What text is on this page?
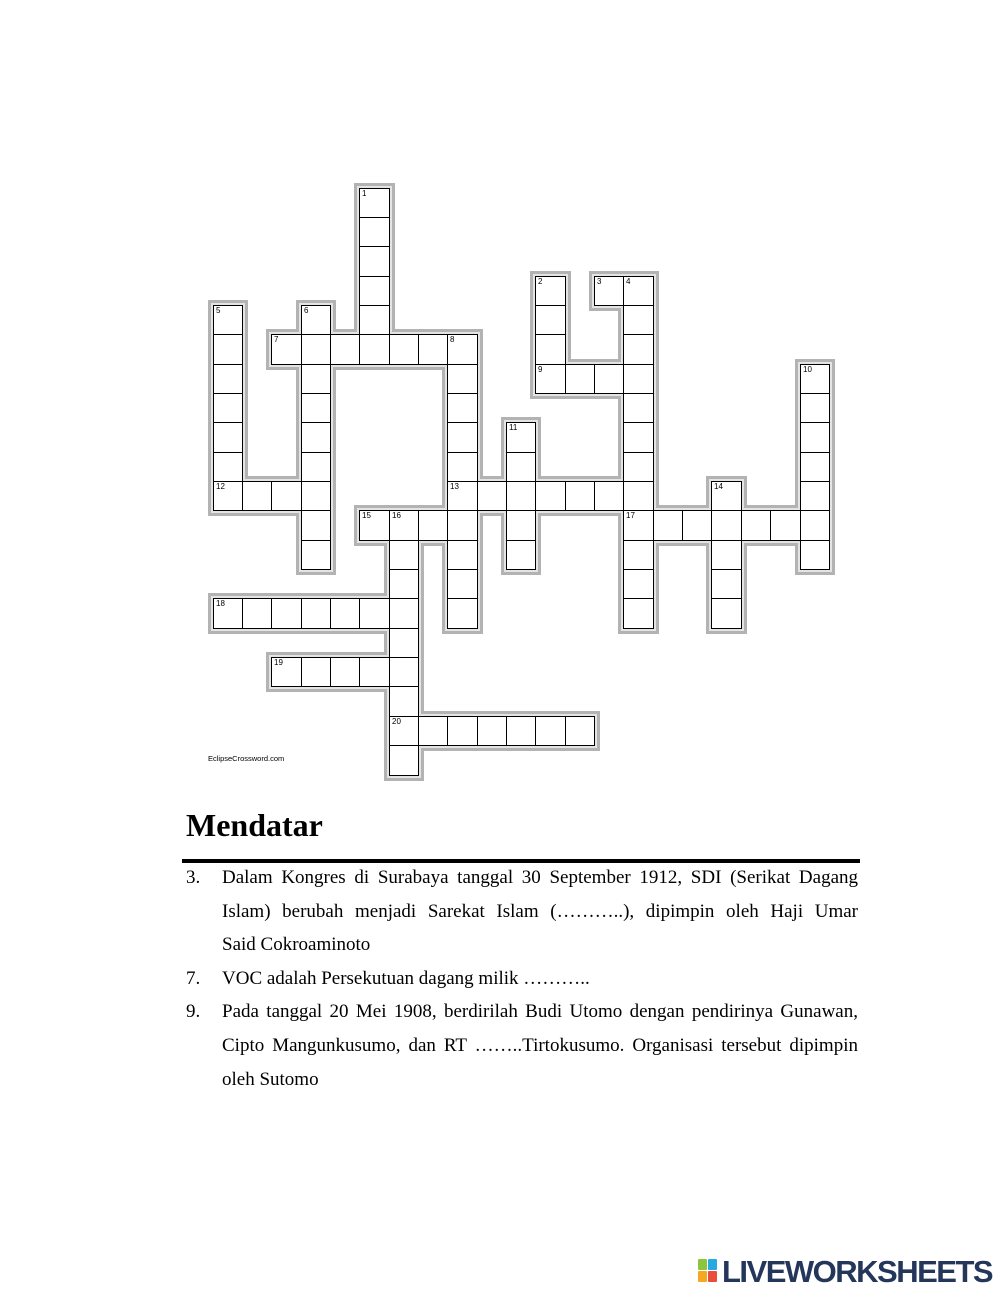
1
2
9
3	4
17
5
12
6
7	8
13
10
11
14
15	16
20
18
19
EclipseCrossword.com
Mendatar
3.	Dalam Kongres di Surabaya tanggal 30 September 1912, SDI (Serikat Dagang
Islam) berubah menjadi Sarekat Islam (………..), dipimpin oleh Haji Umar
Said Cokroaminoto
7.	VOC adalah Persekutuan dagang milik ………..
9.	Pada tanggal 20 Mei 1908, berdirilah Budi Utomo dengan pendirinya Gunawan,
Cipto Mangunkusumo, dan RT ……..Tirtokusumo. Organisasi tersebut dipimpin
oleh Sutomo
LIVEWORKSHEETS
